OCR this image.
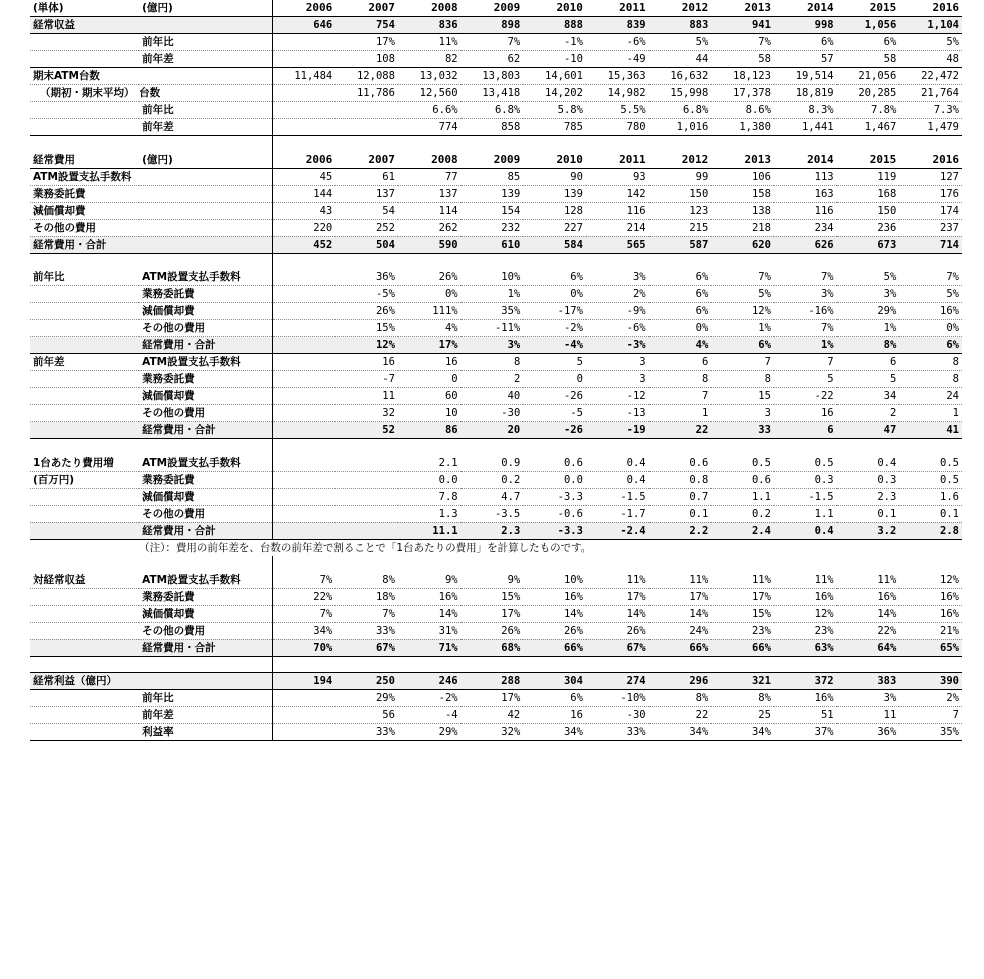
(単体)	(億円)	2006	2007	2008	2009	2010	2011	2012	2013	2014	2015	2016
経常収益		646	754	836	898	888	839	883	941	998	1,056	1,104
	前年比		17%	11%	7%	-1%	-6%	5%	7%	6%	6%	5%
	前年差		108	82	62	-10	-49	44	58	57	58	48
期末ATM台数		11,484	12,088	13,032	13,803	14,601	15,363	16,632	18,123	19,514	21,056	22,472
（期初・期末平均）	台数		11,786	12,560	13,418	14,202	14,982	15,998	17,378	18,819	20,285	21,764
	前年比			6.6%	6.8%	5.8%	5.5%	6.8%	8.6%	8.3%	7.8%	7.3%
	前年差			774	858	785	780	1,016	1,380	1,441	1,467	1,479

経常費用	(億円)	2006	2007	2008	2009	2010	2011	2012	2013	2014	2015	2016
ATM設置支払手数料		45	61	77	85	90	93	99	106	113	119	127
業務委託費		144	137	137	139	139	142	150	158	163	168	176
減価償却費		43	54	114	154	128	116	123	138	116	150	174
その他の費用		220	252	262	232	227	214	215	218	234	236	237
経常費用・合計		452	504	590	610	584	565	587	620	626	673	714

前年比	ATM設置支払手数料		36%	26%	10%	6%	3%	6%	7%	7%	5%	7%
	業務委託費		-5%	0%	1%	0%	2%	6%	5%	3%	3%	5%
	減価償却費		26%	111%	35%	-17%	-9%	6%	12%	-16%	29%	16%
	その他の費用		15%	4%	-11%	-2%	-6%	0%	1%	7%	1%	0%
	経常費用・合計		12%	17%	3%	-4%	-3%	4%	6%	1%	8%	6%
前年差	ATM設置支払手数料		16	16	8	5	3	6	7	7	6	8
	業務委託費		-7	0	2	0	3	8	8	5	5	8
	減価償却費		11	60	40	-26	-12	7	15	-22	34	24
	その他の費用		32	10	-30	-5	-13	1	3	16	2	1
	経常費用・合計		52	86	20	-26	-19	22	33	6	47	41

1台あたり費用増	ATM設置支払手数料			2.1	0.9	0.6	0.4	0.6	0.5	0.5	0.4	0.5
(百万円)	業務委託費			0.0	0.2	0.0	0.4	0.8	0.6	0.3	0.3	0.5
	減価償却費			7.8	4.7	-3.3	-1.5	0.7	1.1	-1.5	2.3	1.6
	その他の費用			1.3	-3.5	-0.6	-1.7	0.1	0.2	1.1	0.1	0.1
	経常費用・合計			11.1	2.3	-3.3	-2.4	2.2	2.4	0.4	3.2	2.8
	（注）：費用の前年差を、台数の前年差で割ることで「1台あたりの費用」を計算したものです。											

対経常収益	ATM設置支払手数料	7%	8%	9%	9%	10%	11%	11%	11%	11%	11%	12%
	業務委託費	22%	18%	16%	15%	16%	17%	17%	17%	16%	16%	16%
	減価償却費	7%	7%	14%	17%	14%	14%	14%	15%	12%	14%	16%
	その他の費用	34%	33%	31%	26%	26%	26%	24%	23%	23%	22%	21%
	経常費用・合計	70%	67%	71%	68%	66%	67%	66%	66%	63%	64%	65%

経常利益（億円）		194	250	246	288	304	274	296	321	372	383	390
	前年比		29%	-2%	17%	6%	-10%	8%	8%	16%	3%	2%
	前年差		56	-4	42	16	-30	22	25	51	11	7
	利益率		33%	29%	32%	34%	33%	34%	34%	37%	36%	35%
